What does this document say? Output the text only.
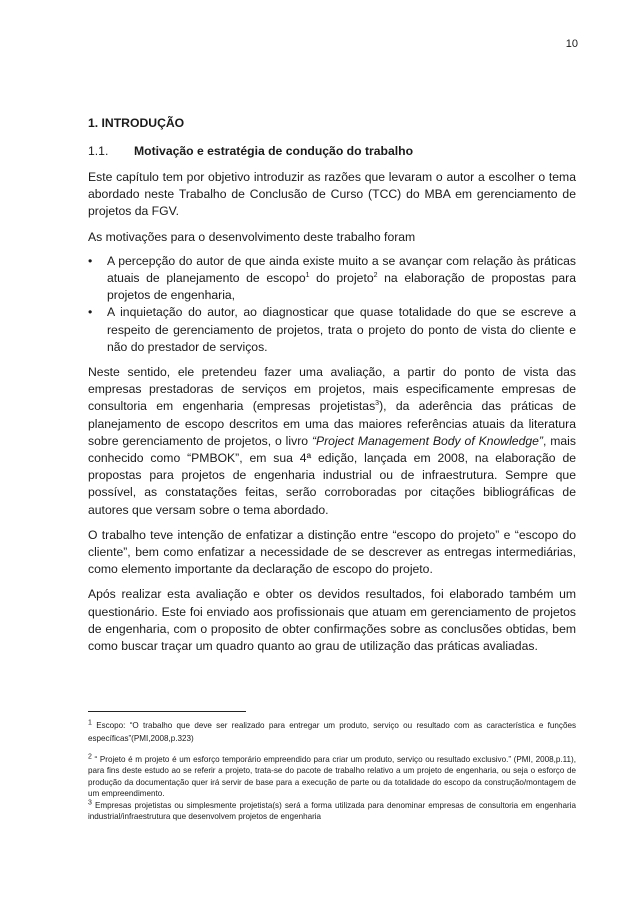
10
1. INTRODUÇÃO
1.1.	Motivação e estratégia de condução do trabalho

Este capítulo tem por objetivo introduzir as razões que levaram o autor a escolher o tema abordado neste Trabalho de Conclusão de Curso (TCC) do MBA em gerenciamento de projetos da FGV.

As motivações para o desenvolvimento deste trabalho foram

• A percepção do autor de que ainda existe muito a se avançar com relação às práticas atuais de planejamento de escopo$^1$ do projeto$^2$ na elaboração de propostas para projetos de engenharia,
• A inquietação do autor, ao diagnosticar que quase totalidade do que se escreve a respeito de gerenciamento de projetos, trata o projeto do ponto de vista do cliente e não do prestador de serviços.

Neste sentido, ele pretendeu fazer uma avaliação, a partir do ponto de vista das empresas prestadoras de serviços em projetos, mais especificamente empresas de consultoria em engenharia (empresas projetistas$^3$), da aderência das práticas de planejamento de escopo descritos em uma das maiores referências atuais da literatura sobre gerenciamento de projetos, o livro “Project Management Body of Knowledge”, mais conhecido como “PMBOK”, em sua 4ª edição, lançada em 2008, na elaboração de propostas para projetos de engenharia industrial ou de infraestrutura. Sempre que possível, as constatações feitas, serão corroboradas por citações bibliográficas de autores que versam sobre o tema abordado.

O trabalho teve intenção de enfatizar a distinção entre “escopo do projeto” e “escopo do cliente”, bem como enfatizar a necessidade de se descrever as entregas intermediárias, como elemento importante da declaração de escopo do projeto.

Após realizar esta avaliação e obter os devidos resultados, foi elaborado também um questionário. Este foi enviado aos profissionais que atuam em gerenciamento de projetos de engenharia, com o proposito de obter confirmações sobre as conclusões obtidas, bem como buscar traçar um quadro quanto ao grau de utilização das práticas avaliadas.

$^1$ Escopo: “O trabalho que deve ser realizado para entregar um produto, serviço ou resultado com as característica e funções específicas”(PMI,2008,p.323)

$^2$ “ Projeto é m projeto é um esforço temporário empreendido para criar um produto, serviço ou resultado exclusivo.” (PMI, 2008,p.11), para fins deste estudo ao se referir a projeto, trata-se do pacote de trabalho relativo a um projeto de engenharia, ou seja o esforço de produção da documentação quer irá servir de base para a execução de parte ou da totalidade do escopo da construção/montagem de um empreendimento.

$^3$ Empresas projetistas ou simplesmente projetista(s) será a forma utilizada para denominar empresas de consultoria em engenharia industrial/infraestrutura que desenvolvem projetos de engenharia
